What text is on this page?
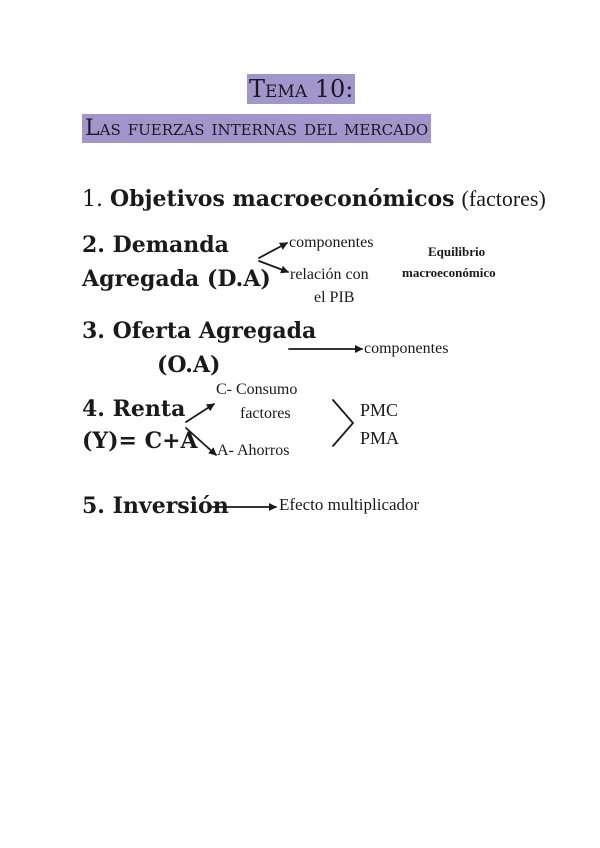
Tema 10:
Las fuerzas internas del mercado
1. Objetivos macroeconómicos (factores)
2. Demanda
Agregada (D.A)
componentes
relación con
el PIB
Equilibrio
macroeconómico
3. Oferta Agregada
(O.A)
componentes
4. Renta
(Y)= C+A
C- Consumo
factores
A- Ahorros
PMC
PMA
5. Inversión	Efecto multiplicador
